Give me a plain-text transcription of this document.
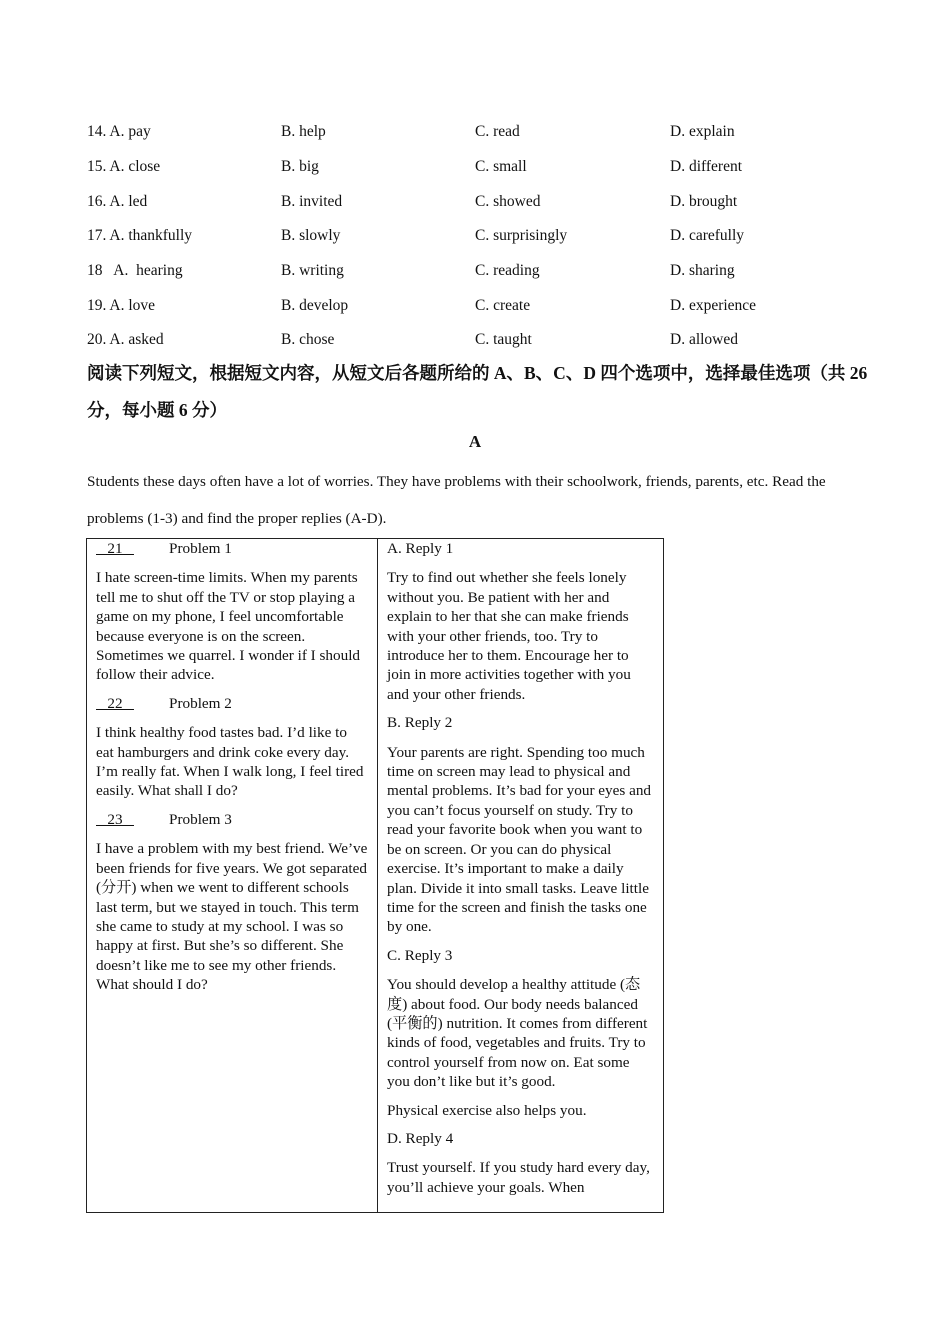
14. A. pay	B. help	C. read	D. explain
15. A. close	B. big	C. small	D. different
16. A. led	B. invited	C. showed	D. brought
17. A. thankfully	B. slowly	C. surprisingly	D. carefully
18   A.  hearing	B. writing	C. reading	D. sharing
19. A. love	B. develop	C. create	D. experience
20. A. asked	B. chose	C. taught	D. allowed
阅读下列短文，根据短文内容，从短文后各题所给的 A、B、C、D 四个选项中，选择最佳选项（共 26 分，每小题 6 分）
A
Students these days often have a lot of worries. They have problems with their schoolwork, friends, parents, etc. Read the problems (1-3) and find the proper replies (A-D).

21   Problem 1

I hate screen-time limits. When my parents tell me to shut off the TV or stop playing a game on my phone, I feel uncomfortable because everyone is on the screen. Sometimes we quarrel. I wonder if I should follow their advice.

22   Problem 2

I think healthy food tastes bad. I’d like to eat hamburgers and drink coke every day. I’m really fat. When I walk long, I feel tired easily. What shall I do?

23   Problem 3

I have a problem with my best friend. We’ve been friends for five years. We got separated (分开) when we went to different schools last term, but we stayed in touch. This term she came to study at my school. I was so happy at first. But she’s so different. She doesn’t like me to see my other friends. What should I do?

A. Reply 1

Try to find out whether she feels lonely without you. Be patient with her and explain to her that she can make friends with your other friends, too. Try to introduce her to them. Encourage her to join in more activities together with you and your other friends.

B. Reply 2

Your parents are right. Spending too much time on screen may lead to physical and mental problems. It’s bad for your eyes and you can’t focus yourself on study. Try to read your favorite book when you want to be on screen. Or you can do physical exercise. It’s important to make a daily plan. Divide it into small tasks. Leave little time for the screen and finish the tasks one by one.

C. Reply 3

You should develop a healthy attitude (态度) about food. Our body needs balanced (平衡的) nutrition. It comes from different kinds of food, vegetables and fruits. Try to control yourself from now on. Eat some you don’t like but it’s good.

Physical exercise also helps you.

D. Reply 4

Trust yourself. If you study hard every day, you’ll achieve your goals. When
